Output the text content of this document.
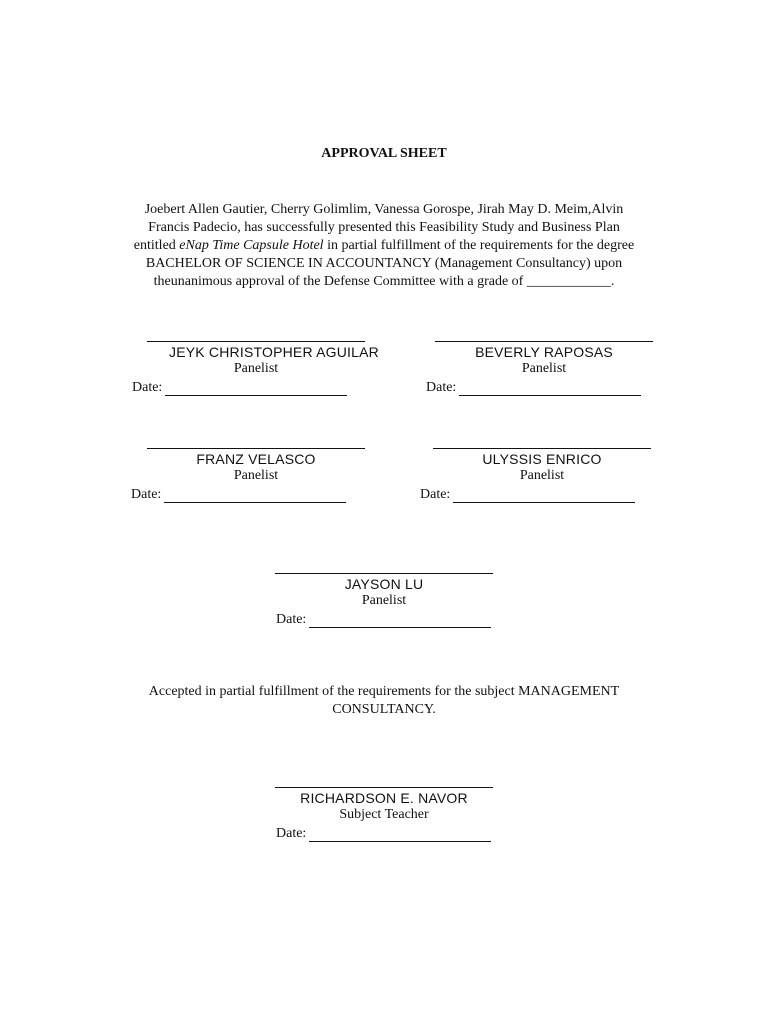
APPROVAL SHEET

Joebert Allen Gautier, Cherry Golimlim, Vanessa Gorospe, Jirah May D. Meim,Alvin

Francis Padecio, has successfully presented this Feasibility Study and Business Plan

entitled eNap Time Capsule Hotel in partial fulfillment of the requirements for the degree

BACHELOR OF SCIENCE IN ACCOUNTANCY (Management Consultancy) upon

theunanimous approval of the Defense Committee with a grade of ____________.

JEYK CHRISTOPHER AGUILAR
Panelist
Date:
BEVERLY RAPOSAS
Panelist
Date:
FRANZ VELASCO
Panelist
Date:
ULYSSIS ENRICO
Panelist
Date:
JAYSON LU
Panelist
Date:

Accepted in partial fulfillment of the requirements for the subject MANAGEMENT

CONSULTANCY.

RICHARDSON E. NAVOR
Subject Teacher
Date:
